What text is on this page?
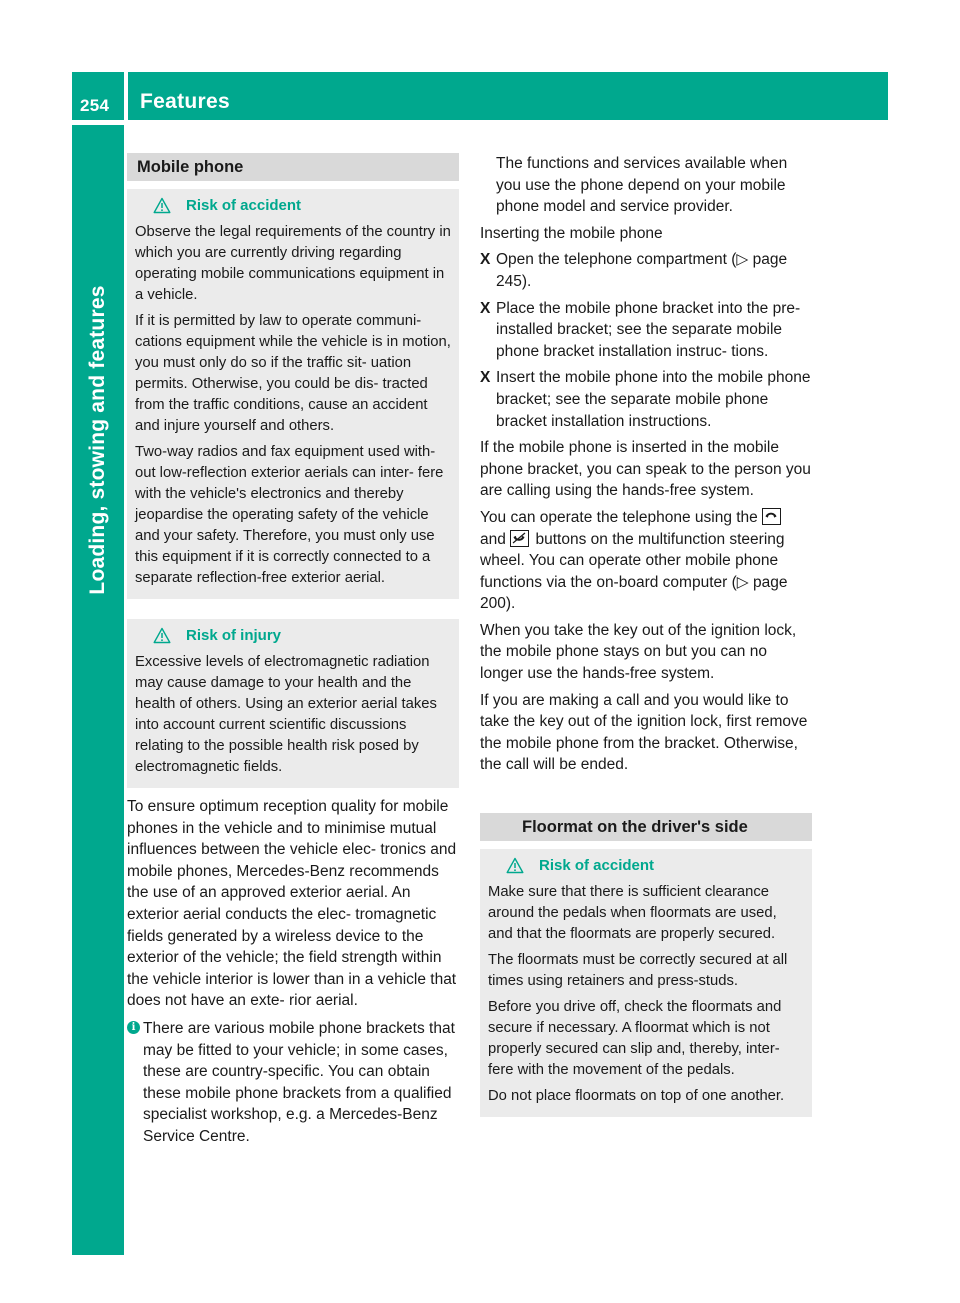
254 Features
Loading, stowing and features
Mobile phone
Risk of accident

Observe the legal requirements of the country in which you are currently driving regarding operating mobile communications equipment in a vehicle.

If it is permitted by law to operate communi- cations equipment while the vehicle is in motion, you must only do so if the traffic sit- uation permits. Otherwise, you could be dis- tracted from the traffic conditions, cause an accident and injure yourself and others.

Two-way radios and fax equipment used with- out low-reflection exterior aerials can inter- fere with the vehicle's electronics and thereby jeopardise the operating safety of the vehicle and your safety. Therefore, you must only use this equipment if it is correctly connected to a separate reflection-free exterior aerial.

Risk of injury

Excessive levels of electromagnetic radiation may cause damage to your health and the health of others. Using an exterior aerial takes into account current scientific discussions relating to the possible health risk posed by electromagnetic fields.

To ensure optimum reception quality for mobile phones in the vehicle and to minimise mutual influences between the vehicle elec- tronics and mobile phones, Mercedes-Benz recommends the use of an approved exterior aerial. An exterior aerial conducts the elec- tromagnetic fields generated by a wireless device to the exterior of the vehicle; the field strength within the vehicle interior is lower than in a vehicle that does not have an exte- rior aerial.

i There are various mobile phone brackets that may be fitted to your vehicle; in some cases, these are country-specific. You can obtain these mobile phone brackets from a qualified specialist workshop, e.g. a Mercedes-Benz Service Centre.

The functions and services available when you use the phone depend on your mobile phone model and service provider.

Inserting the mobile phone

X Open the telephone compartment (▷ page 245).
X Place the mobile phone bracket into the pre-installed bracket; see the separate mobile phone bracket installation instruc- tions.
X Insert the mobile phone into the mobile phone bracket; see the separate mobile phone bracket installation instructions.

If the mobile phone is inserted in the mobile phone bracket, you can speak to the person you are calling using the hands-free system.

You can operate the telephone using the
and buttons on the multifunction steering wheel. You can operate other mobile phone functions via the on-board computer (▷ page 200).

When you take the key out of the ignition lock, the mobile phone stays on but you can no longer use the hands-free system.

If you are making a call and you would like to take the key out of the ignition lock, first remove the mobile phone from the bracket. Otherwise, the call will be ended.

Floormat on the driver's side
Risk of accident

Make sure that there is sufficient clearance around the pedals when floormats are used, and that the floormats are properly secured.

The floormats must be correctly secured at all times using retainers and press-studs.

Before you drive off, check the floormats and secure if necessary. A floormat which is not properly secured can slip and, thereby, inter- fere with the movement of the pedals.

Do not place floormats on top of one another.
